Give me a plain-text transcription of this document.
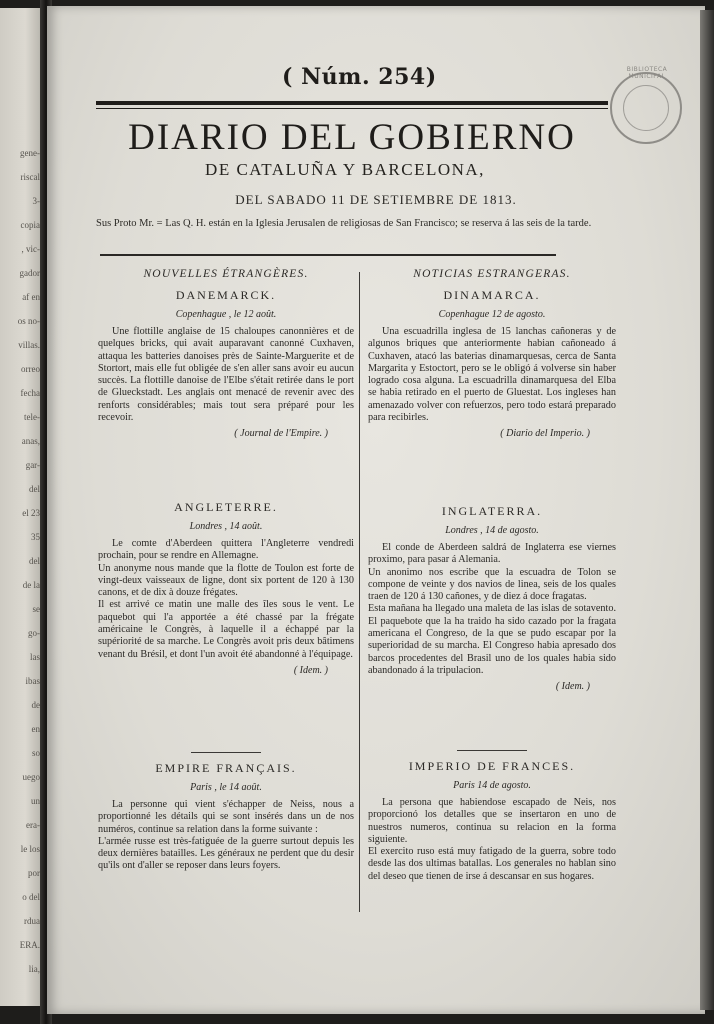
gene-
riscal
3-
copia
, vic-
gador
af en
os no-
villas.
orreo
fecha
tele-
anas,
gar-
del
el 23
35
del
de la
se
go-
las
ibas
de
en
so
uego
un
era-
le los
por
o del
rdua
ERA.
lia,
( Núm. 254)	BIBLIOTECA MUNICIPAL
DIARIO DEL GOBIERNO
DE CATALUÑA Y BARCELONA,
DEL SABADO 11 DE SETIEMBRE DE 1813.
Sus Proto Mr. = Las Q. H. están en la Iglesia Jerusalen de religiosas de San Francisco; se reserva á las seis de la tarde.
NOUVELLES ÉTRANGÈRES.
DANEMARCK.
Copenhague , le 12 août.
Une flottille anglaise de 15 chaloupes canonnières et de quelques bricks, qui avait auparavant canonné Cuxhaven, attaqua les batteries danoises près de Sainte-Marguerite et de Stortort, mais elle fut obligée de s'en aller sans avoir eu aucun succès. La flottille danoise de l'Elbe s'était retirée dans le port de Glueckstadt. Les anglais ont menacé de revenir avec des renforts considérables; mais tout sera préparé pour les recevoir.
( Journal de l'Empire. )
ANGLETERRE.
Londres , 14 août.
Le comte d'Aberdeen quittera l'Angleterre vendredi prochain, pour se rendre en Allemagne.
Un anonyme nous mande que la flotte de Toulon est forte de vingt-deux vaisseaux de ligne, dont six portent de 120 à 130 canons, et de dix à douze frégates.
Il est arrivé ce matin une malle des îles sous le vent. Le paquebot qui l'a apportée a été chassé par la frégate américaine le Congrès, à laquelle il a échappé par la supériorité de sa marche. Le Congrès avoit pris deux bâtimens venant du Brésil, et dont l'un avoit été abandonné à l'équipage.
( Idem. )
EMPIRE FRANÇAIS.
Paris , le 14 août.
La personne qui vient s'échapper de Neiss, nous a proportionné les détails qui se sont insérés dans un de nos numéros, continue sa relation dans la forme suivante :
L'armée russe est très-fatiguée de la guerre surtout depuis les deux dernières batailles. Les généraux ne perdent que du desir qu'ils ont d'aller se reposer dans leurs foyers.
NOTICIAS ESTRANGERAS.
DINAMARCA.
Copenhague 12 de agosto.
Una escuadrilla inglesa de 15 lanchas cañoneras y de algunos briques que anteriormente habian cañoneado á Cuxhaven, atacó las baterias dinamarquesas, cerca de Santa Margarita y Estoctort, pero se le obligó á volverse sin haber logrado cosa alguna. La escuadrilla dinamarquesa del Elba se habia retirado en el puerto de Gluestat. Los ingleses han amenazado volver con refuerzos, pero todo estará preparado para recibirles.
( Diario del Imperio. )
INGLATERRA.
Londres , 14 de agosto.
El conde de Aberdeen saldrá de Inglaterra ese viernes proximo, para pasar á Alemania.
Un anonimo nos escribe que la escuadra de Tolon se compone de veinte y dos navios de linea, seis de los quales traen de 120 á 130 cañones, y de diez á doce fragatas.
Esta mañana ha llegado una maleta de las islas de sotavento. El paquebote que la ha traido ha sido cazado por la fragata americana el Congreso, de la que se pudo escapar por la superioridad de su marcha. El Congreso habia apresado dos barcos procedentes del Brasil uno de los quales habia sido abandonado á la tripulacion.
( Idem. )
IMPERIO DE FRANCES.
Paris 14 de agosto.
La persona que habiendose escapado de Neis, nos proporcionó los detalles que se insertaron en uno de nuestros numeros, continua su relacion en la forma siguiente.
El exercito ruso está muy fatigado de la guerra, sobre todo desde las dos ultimas batallas. Los generales no hablan sino del deseo que tienen de irse á descansar en sus hogares.
